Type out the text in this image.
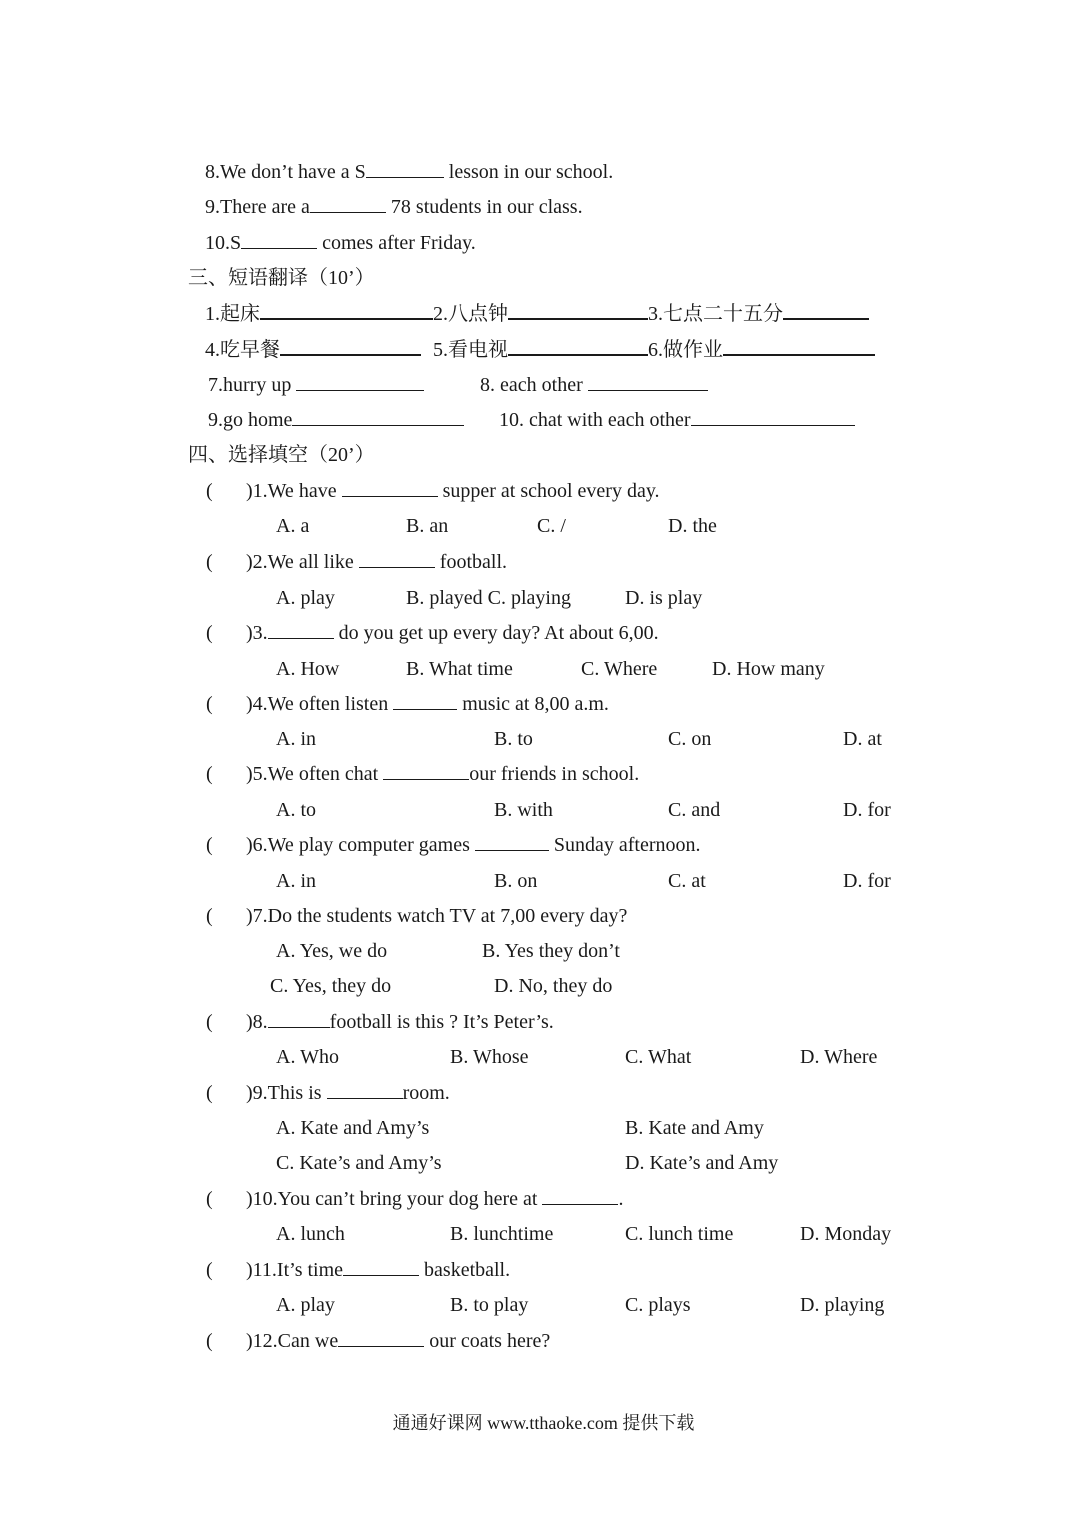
8.We don’t have a S	lesson in our school.
9.There are a	78 students in our class.
10.S	comes after Friday.
三、短语翻译（10’）
1.起床	2.八点钟	3.七点二十五分
4.吃早餐	5.看电视	6.做作业
7.hurry up	8. each other
9.go home	10. chat with each other
四、选择填空（20’）
( )1.We have	supper at school every day.
A. a	B. an	C. /	D. the
( )2.We all like	football.
A. play	B. played C. playing	D. is play
( )3.	do you get up every day? At about 6,00.
A. How	B. What time	C. Where	D. How many
( )4.We often listen	music at 8,00 a.m.
A. in	B. to	C. on	D. at
( )5.We often chat	our friends in school.
A. to	B. with	C. and	D. for
( )6.We play computer games	Sunday afternoon.
A. in	B. on	C. at	D. for
( )7.Do the students watch TV at 7,00 every day?
A. Yes, we do	B. Yes they don’t
C. Yes, they do	D. No, they do
( )8.	football is this ? It’s Peter’s.
A. Who	B. Whose	C. What	D. Where
( )9.This is	room.
A. Kate and Amy’s	B. Kate and Amy
C. Kate’s and Amy’s	D. Kate’s and Amy
( )10.You can’t bring your dog here at	.
A. lunch	B. lunchtime	C. lunch time	D. Monday
( )11.It’s time	basketball.
A. play	B. to play	C. plays	D. playing
( )12.Can we	our coats here?
通通好课网 www.tthaoke.com 提供下载
